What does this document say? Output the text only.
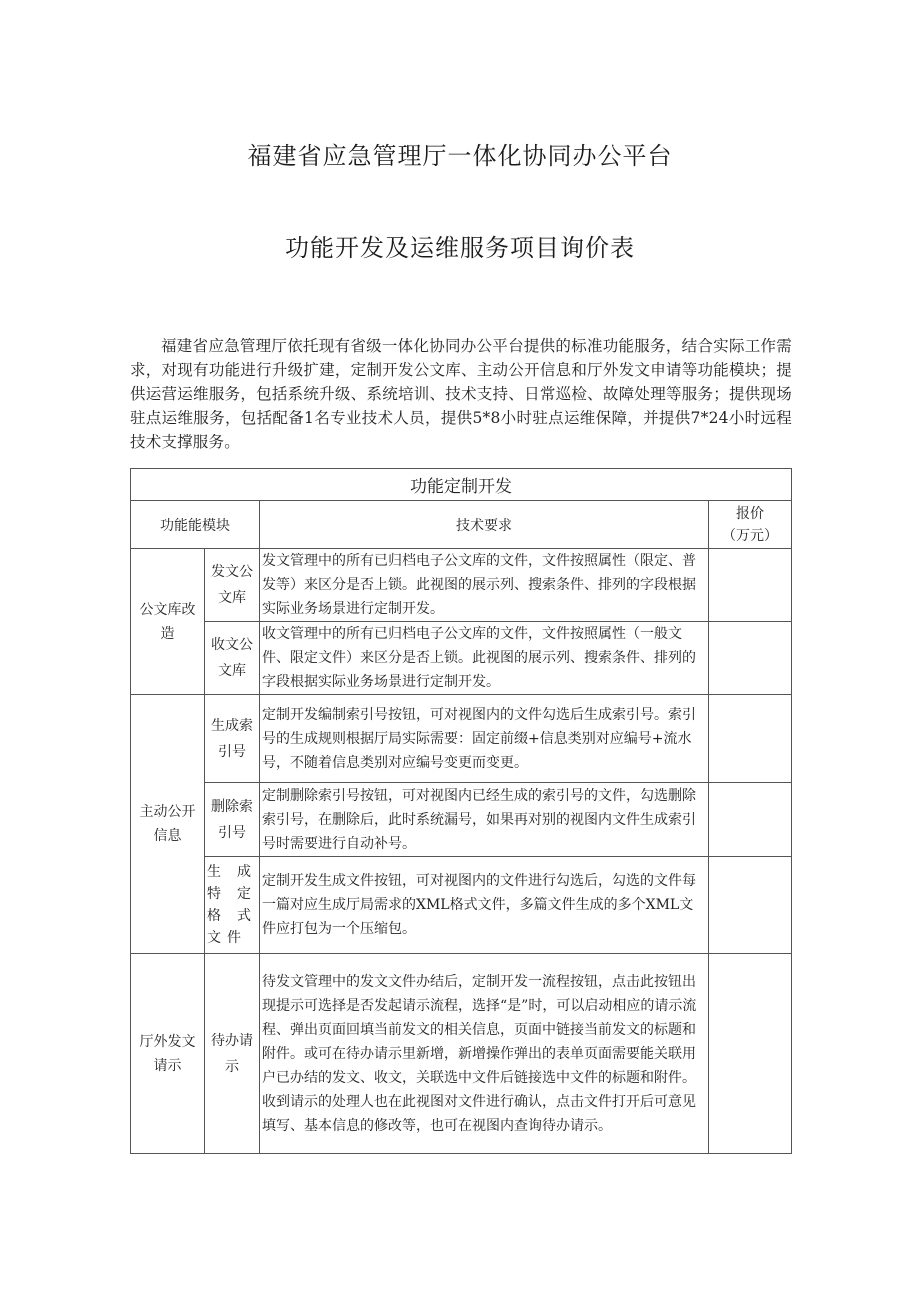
福建省应急管理厅一体化协同办公平台
功能开发及运维服务项目询价表
福建省应急管理厅依托现有省级一体化协同办公平台提供的标准功能服务，结合实际工作需求，对现有功能进行升级扩建，定制开发公文库、主动公开信息和厅外发文申请等功能模块；提供运营运维服务，包括系统升级、系统培训、技术支持、日常巡检、故障处理等服务；提供现场驻点运维服务，包括配备1名专业技术人员，提供5*8小时驻点运维保障，并提供7*24小时远程技术支撑服务。
功能定制开发			
功能能模块		技术要求	报价
（万元）

公文库改造	发文公文库	发文管理中的所有已归档电子公文库的文件，文件按照属性（限定、普发等）来区分是否上锁。此视图的展示列、搜索条件、排列的字段根据实际业务场景进行定制开发。	
	收文公文库	收文管理中的所有已归档电子公文库的文件，文件按照属性（一般文件、限定文件）来区分是否上锁。此视图的展示列、搜索条件、排列的字段根据实际业务场景进行定制开发。	
主动公开信息	生成索引号	定制开发编制索引号按钮，可对视图内的文件勾选后生成索引号。索引号的生成规则根据厅局实际需要：固定前缀+信息类别对应编号+流水号，不随着信息类别对应编号变更而变更。	
	删除索引号	定制删除索引号按钮，可对视图内已经生成的索引号的文件，勾选删除索引号，在删除后，此时系统漏号，如果再对别的视图内文件生成索引号时需要进行自动补号。	
	生成特定格式文件	定制开发生成文件按钮，可对视图内的文件进行勾选后，勾选的文件每一篇对应生成厅局需求的XML格式文件，多篇文件生成的多个XML文件应打包为一个压缩包。	
厅外发文请示	待办请示	待发文管理中的发文文件办结后，定制开发一流程按钮，点击此按钮出现提示可选择是否发起请示流程，选择“是”时，可以启动相应的请示流程、弹出页面回填当前发文的相关信息，页面中链接当前发文的标题和附件。或可在待办请示里新增，新增操作弹出的表单页面需要能关联用户已办结的发文、收文，关联选中文件后链接选中文件的标题和附件。收到请示的处理人也在此视图对文件进行确认，点击文件打开后可意见填写、基本信息的修改等，也可在视图内查询待办请示。	
